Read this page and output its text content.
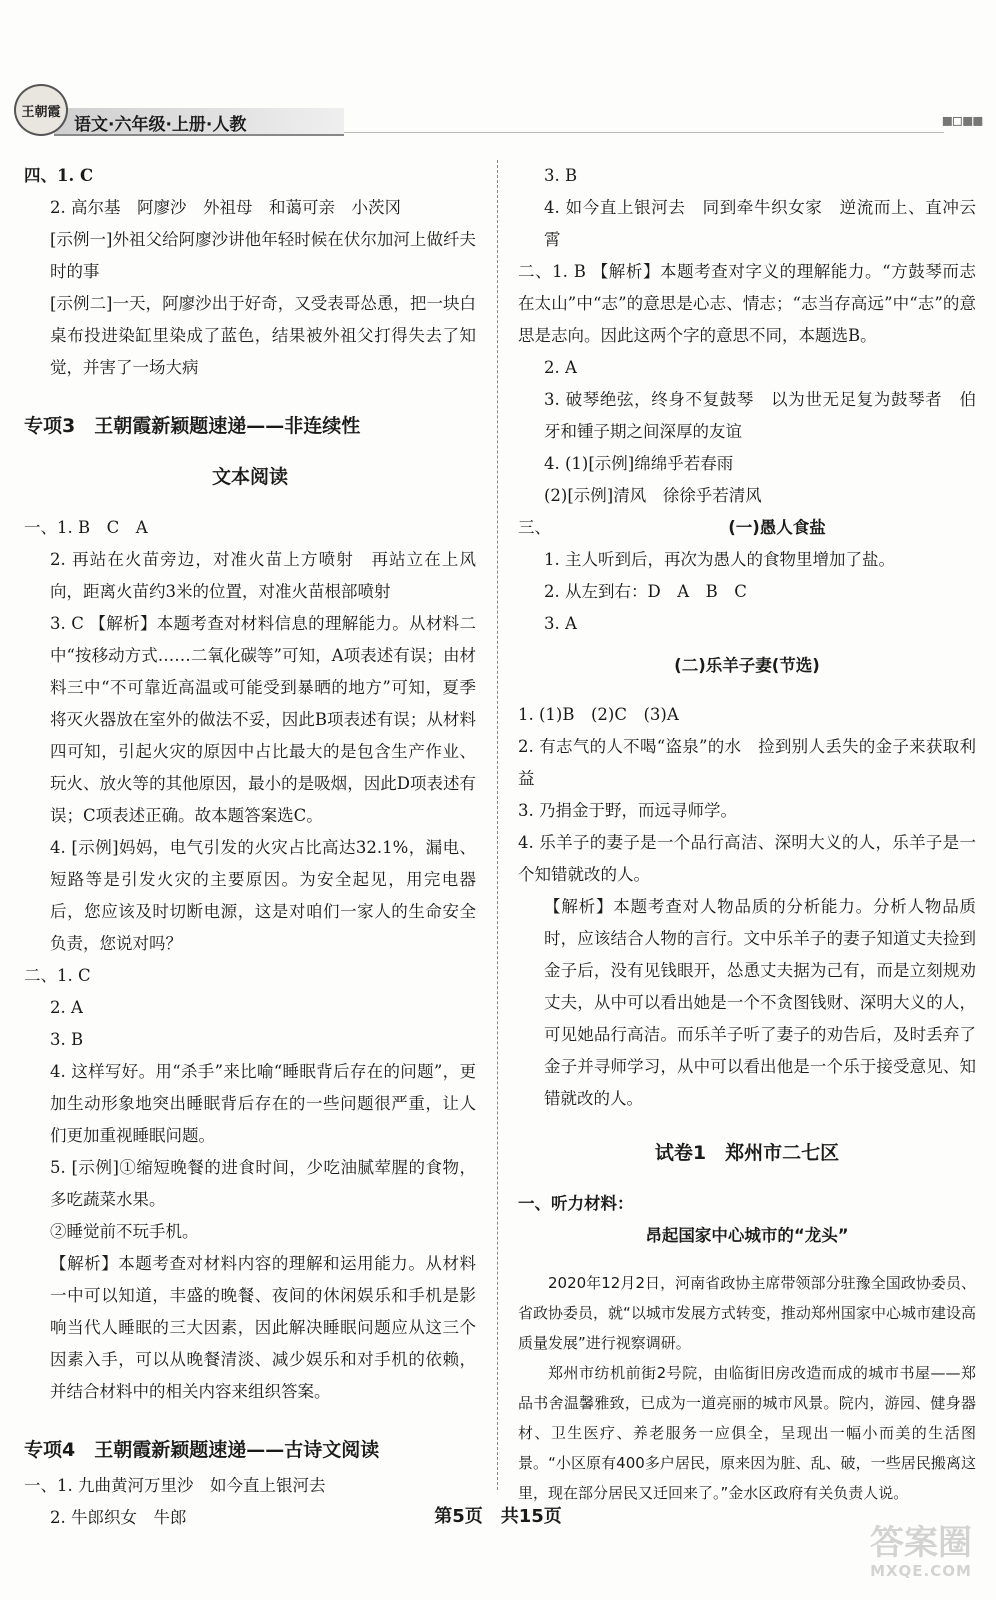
王朝霞
语文·六年级·上册·人教	▪▫▪▪

四、1. C

2. 高尔基　阿廖沙　外祖母　和蔼可亲　小茨冈

[示例一]外祖父给阿廖沙讲他年轻时候在伏尔加河上做纤夫时的事

[示例二]一天，阿廖沙出于好奇，又受表哥怂恿，把一块白桌布投进染缸里染成了蓝色，结果被外祖父打得失去了知觉，并害了一场大病

专项3　王朝霞新颖题速递——非连续性

文本阅读

一、1. B　C　A

2. 再站在火苗旁边，对准火苗上方喷射　再站立在上风向，距离火苗约3米的位置，对准火苗根部喷射

3. C 【解析】本题考查对材料信息的理解能力。从材料二中“按移动方式……二氧化碳等”可知，A项表述有误；由材料三中“不可靠近高温或可能受到暴晒的地方”可知，夏季将灭火器放在室外的做法不妥，因此B项表述有误；从材料四可知，引起火灾的原因中占比最大的是包含生产作业、玩火、放火等的其他原因，最小的是吸烟，因此D项表述有误；C项表述正确。故本题答案选C。

4. [示例]妈妈，电气引发的火灾占比高达32.1%，漏电、短路等是引发火灾的主要原因。为安全起见，用完电器后，您应该及时切断电源，这是对咱们一家人的生命安全负责，您说对吗？

二、1. C

2. A

3. B

4. 这样写好。用“杀手”来比喻“睡眠背后存在的问题”，更加生动形象地突出睡眠背后存在的一些问题很严重，让人们更加重视睡眠问题。

5. [示例]①缩短晚餐的进食时间，少吃油腻荤腥的食物，多吃蔬菜水果。

②睡觉前不玩手机。

【解析】本题考查对材料内容的理解和运用能力。从材料一中可以知道，丰盛的晚餐、夜间的休闲娱乐和手机是影响当代人睡眠的三大因素，因此解决睡眠问题应从这三个因素入手，可以从晚餐清淡、减少娱乐和对手机的依赖，并结合材料中的相关内容来组织答案。

专项4　王朝霞新颖题速递——古诗文阅读

一、1. 九曲黄河万里沙　如今直上银河去

2. 牛郎织女　牛郎

3. B

4. 如今直上银河去　同到牵牛织女家　逆流而上、直冲云霄

二、1. B 【解析】本题考查对字义的理解能力。“方鼓琴而志在太山”中“志”的意思是心志、情志；“志当存高远”中“志”的意思是志向。因此这两个字的意思不同，本题选B。

2. A

3. 破琴绝弦，终身不复鼓琴　以为世无足复为鼓琴者　伯牙和锺子期之间深厚的友谊

4. (1)[示例]绵绵乎若春雨

(2)[示例]清风　徐徐乎若清风

三、	(一)愚人食盐

1. 主人听到后，再次为愚人的食物里增加了盐。

2. 从左到右：D　A　B　C

3. A

(二)乐羊子妻(节选)

1. (1)B　(2)C　(3)A

2. 有志气的人不喝“盗泉”的水　捡到别人丢失的金子来获取利益

3. 乃捐金于野，而远寻师学。

4. 乐羊子的妻子是一个品行高洁、深明大义的人，乐羊子是一个知错就改的人。

【解析】本题考查对人物品质的分析能力。分析人物品质时，应该结合人物的言行。文中乐羊子的妻子知道丈夫捡到金子后，没有见钱眼开，怂恿丈夫据为己有，而是立刻规劝丈夫，从中可以看出她是一个不贪图钱财、深明大义的人，可见她品行高洁。而乐羊子听了妻子的劝告后，及时丢弃了金子并寻师学习，从中可以看出他是一个乐于接受意见、知错就改的人。

试卷1　郑州市二七区

一、听力材料：

昂起国家中心城市的“龙头”

2020年12月2日，河南省政协主席带领部分驻豫全国政协委员、省政协委员，就“以城市发展方式转变，推动郑州国家中心城市建设高质量发展”进行视察调研。

郑州市纺机前街2号院，由临街旧房改造而成的城市书屋——郑品书舍温馨雅致，已成为一道亮丽的城市风景。院内，游园、健身器材、卫生医疗、养老服务一应俱全，呈现出一幅小而美的生活图景。“小区原有400多户居民，原来因为脏、乱、破，一些居民搬离这里，现在部分居民又迁回来了。”金水区政府有关负责人说。

第5页　共15页
答案圈
MXQE.COM
